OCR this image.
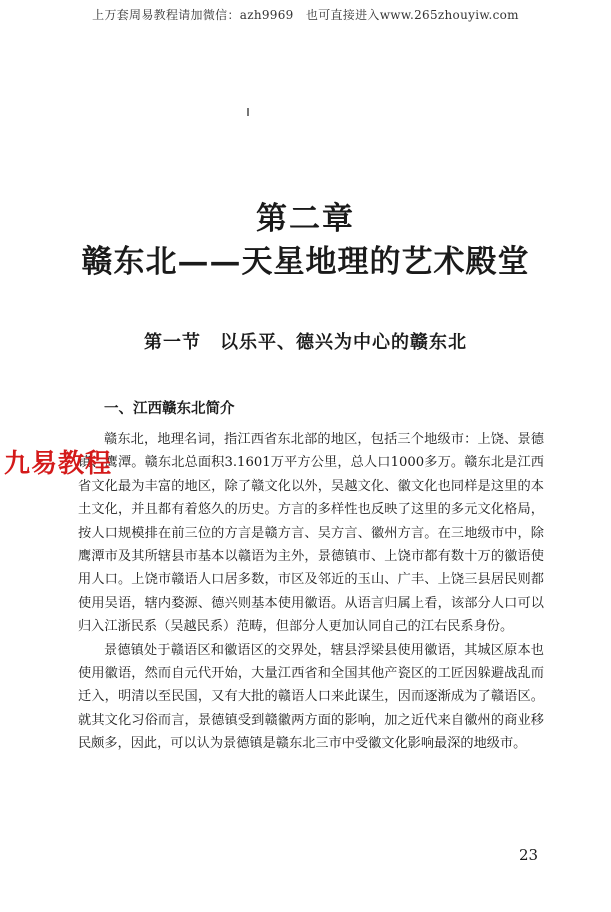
上万套周易教程请加微信：azh9969　也可直接进入www.265zhouyiw.com
第二章
赣东北——天星地理的艺术殿堂
第一节　以乐平、德兴为中心的赣东北
一、江西赣东北简介
九易教程

赣东北，地理名词，指江西省东北部的地区，包括三个地级市：上饶、景德镇、鹰潭。赣东北总面积3.1601万平方公里，总人口1000多万。赣东北是江西省文化最为丰富的地区，除了赣文化以外，吴越文化、徽文化也同样是这里的本土文化，并且都有着悠久的历史。方言的多样性也反映了这里的多元文化格局，按人口规模排在前三位的方言是赣方言、吴方言、徽州方言。在三地级市中，除鹰潭市及其所辖县市基本以赣语为主外，景德镇市、上饶市都有数十万的徽语使用人口。上饶市赣语人口居多数，市区及邻近的玉山、广丰、上饶三县居民则都使用吴语，辖内婺源、德兴则基本使用徽语。从语言归属上看，该部分人口可以归入江浙民系（吴越民系）范畴，但部分人更加认同自己的江右民系身份。

景德镇处于赣语区和徽语区的交界处，辖县浮梁县使用徽语，其城区原本也使用徽语，然而自元代开始，大量江西省和全国其他产瓷区的工匠因躲避战乱而迁入，明清以至民国，又有大批的赣语人口来此谋生，因而逐渐成为了赣语区。就其文化习俗而言，景德镇受到赣徽两方面的影响，加之近代来自徽州的商业移民颇多，因此，可以认为景德镇是赣东北三市中受徽文化影响最深的地级市。

23
